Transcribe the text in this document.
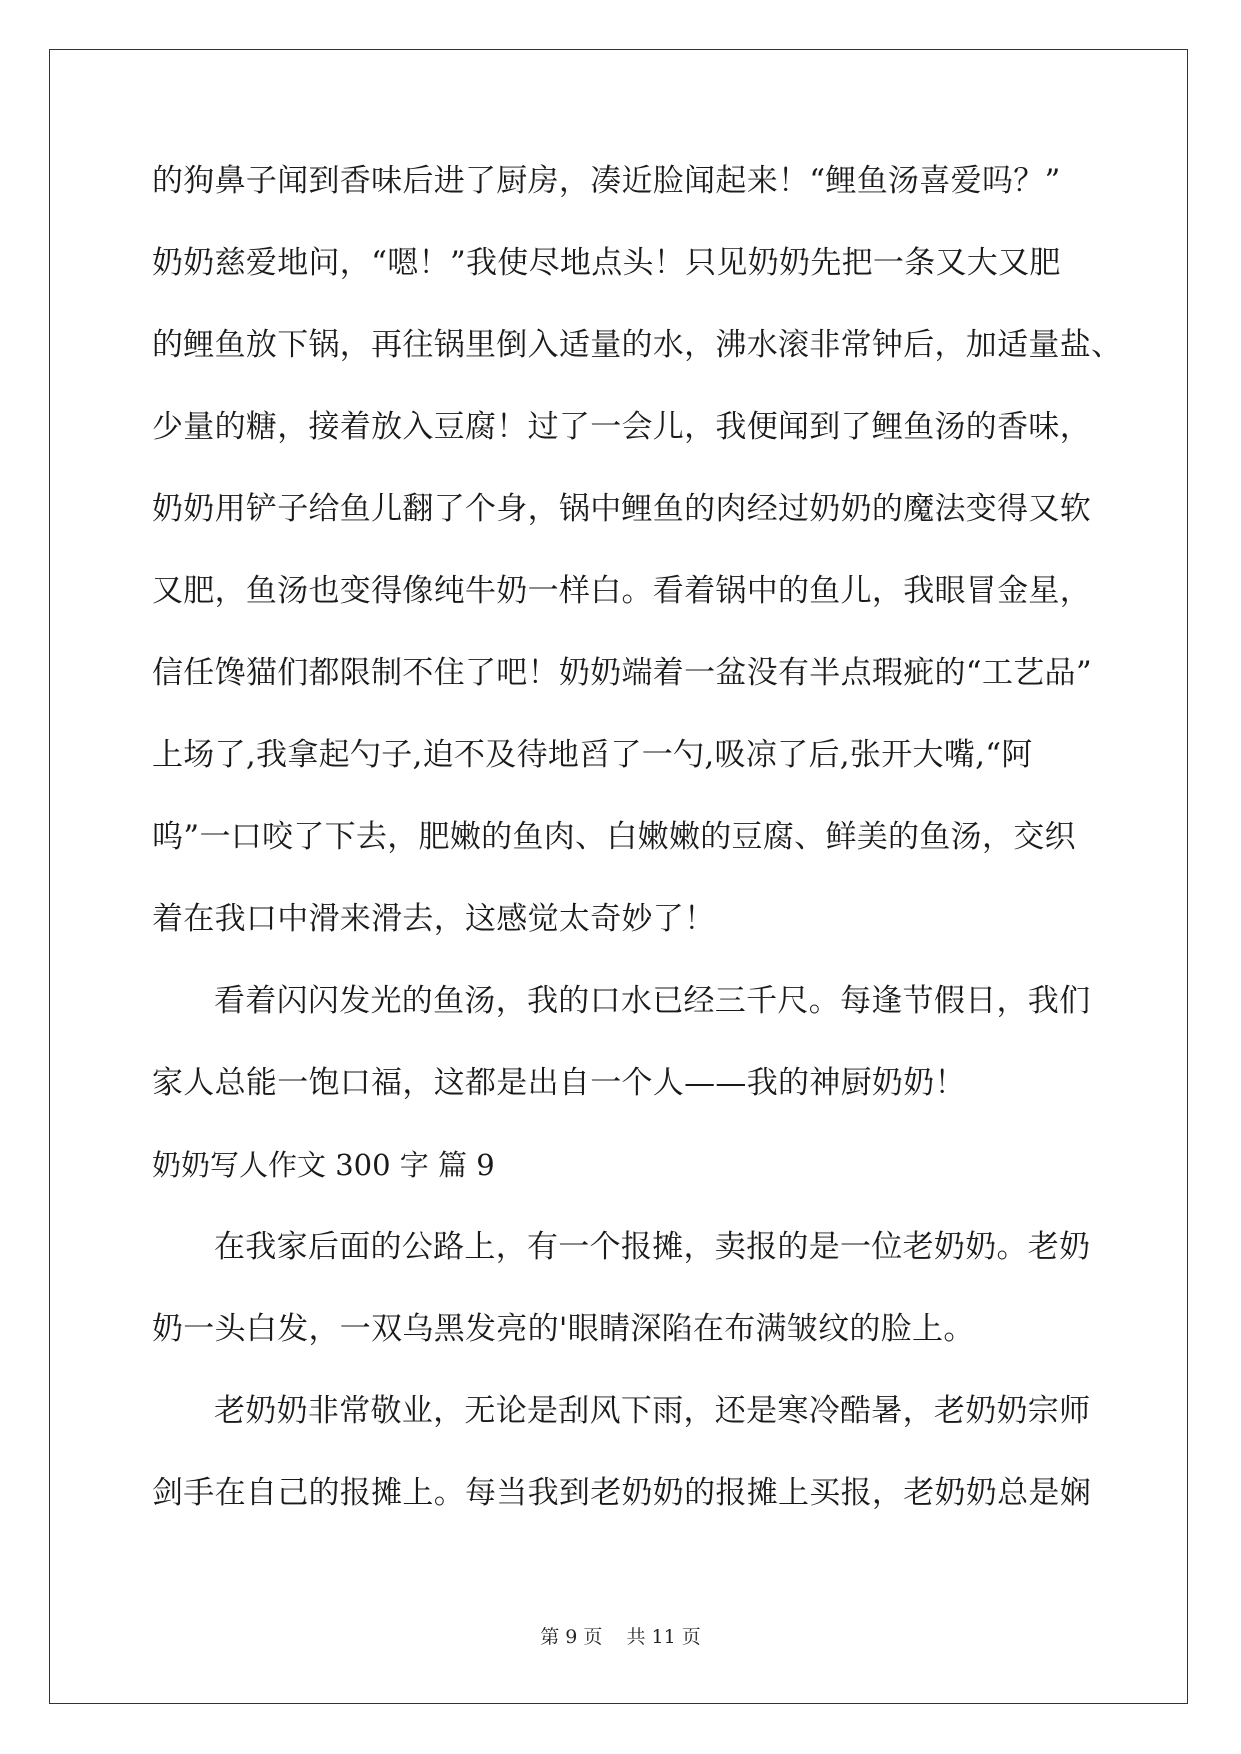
的狗鼻子闻到香味后进了厨房，凑近脸闻起来！“鲤鱼汤喜爱吗？”
奶奶慈爱地问，“嗯！”我使尽地点头！只见奶奶先把一条又大又肥
的鲤鱼放下锅，再往锅里倒入适量的水，沸水滚非常钟后，加适量盐、
少量的糖，接着放入豆腐！过了一会儿，我便闻到了鲤鱼汤的香味，
奶奶用铲子给鱼儿翻了个身，锅中鲤鱼的肉经过奶奶的魔法变得又软
又肥，鱼汤也变得像纯牛奶一样白。看着锅中的鱼儿，我眼冒金星，
信任馋猫们都限制不住了吧！奶奶端着一盆没有半点瑕疵的“工艺品”
上场了,我拿起勺子,迫不及待地舀了一勺,吸凉了后,张开大嘴,“阿
呜”一口咬了下去，肥嫩的鱼肉、白嫩嫩的豆腐、鲜美的鱼汤，交织
着在我口中滑来滑去，这感觉太奇妙了！
看着闪闪发光的鱼汤，我的口水已经三千尺。每逢节假日，我们
家人总能一饱口福，这都是出自一个人——我的神厨奶奶！
奶奶写人作文 300 字 篇 9
在我家后面的公路上，有一个报摊，卖报的是一位老奶奶。老奶
奶一头白发，一双乌黑发亮的'眼睛深陷在布满皱纹的脸上。
老奶奶非常敬业，无论是刮风下雨，还是寒冷酷暑，老奶奶宗师
剑手在自己的报摊上。每当我到老奶奶的报摊上买报，老奶奶总是娴
第 9 页 共 11 页
